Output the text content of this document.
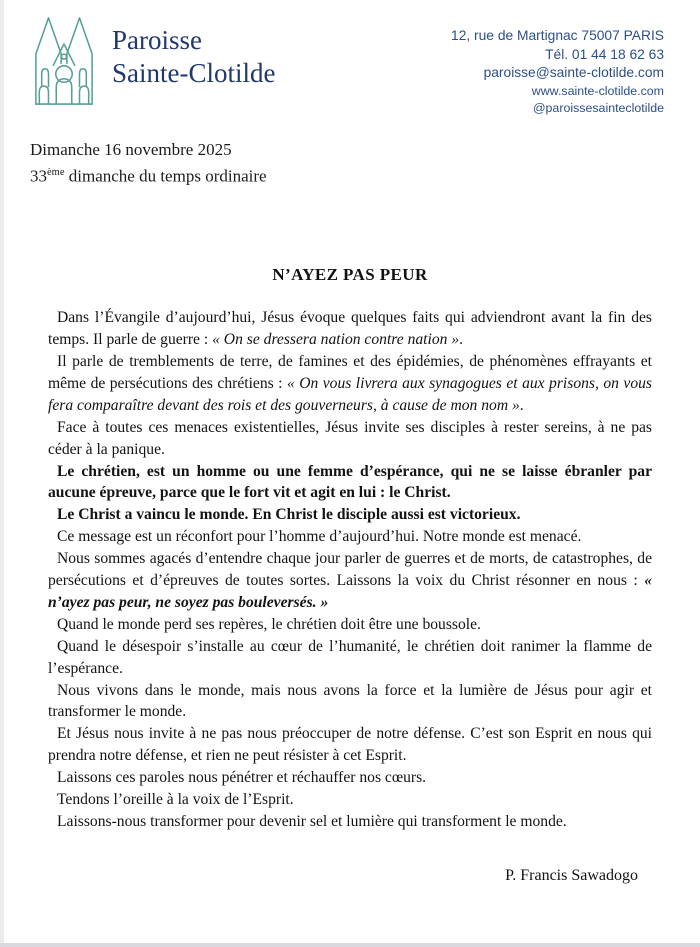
Paroisse
Sainte-Clotilde
12, rue de Martignac 75007 PARIS
Tél. 01 44 18 62 63
paroisse@sainte-clotilde.com
www.sainte-clotilde.com
@paroissesainteclotilde
Dimanche 16 novembre 2025
33ème dimanche du temps ordinaire
N’AYEZ PAS PEUR

Dans l’Évangile d’aujourd’hui, Jésus évoque quelques faits qui adviendront avant la fin des temps. Il parle de guerre : « On se dressera nation contre nation ».

Il parle de tremblements de terre, de famines et des épidémies, de phénomènes effrayants et même de persécutions des chrétiens : « On vous livrera aux synagogues et aux prisons, on vous fera comparaître devant des rois et des gouverneurs, à cause de mon nom ».

Face à toutes ces menaces existentielles, Jésus invite ses disciples à rester sereins, à ne pas céder à la panique.

Le chrétien, est un homme ou une femme d’espérance, qui ne se laisse ébranler par aucune épreuve, parce que le fort vit et agit en lui : le Christ.

Le Christ a vaincu le monde. En Christ le disciple aussi est victorieux.

Ce message est un réconfort pour l’homme d’aujourd’hui. Notre monde est menacé.

Nous sommes agacés d’entendre chaque jour parler de guerres et de morts, de catastrophes, de persécutions et d’épreuves de toutes sortes. Laissons la voix du Christ résonner en nous : « n’ayez pas peur, ne soyez pas bouleversés. »

Quand le monde perd ses repères, le chrétien doit être une boussole.

Quand le désespoir s’installe au cœur de l’humanité, le chrétien doit ranimer la flamme de l’espérance.

Nous vivons dans le monde, mais nous avons la force et la lumière de Jésus pour agir et transformer le monde.

Et Jésus nous invite à ne pas nous préoccuper de notre défense. C’est son Esprit en nous qui prendra notre défense, et rien ne peut résister à cet Esprit.

Laissons ces paroles nous pénétrer et réchauffer nos cœurs.

Tendons l’oreille à la voix de l’Esprit.

Laissons-nous transformer pour devenir sel et lumière qui transforment le monde.

P. Francis Sawadogo
